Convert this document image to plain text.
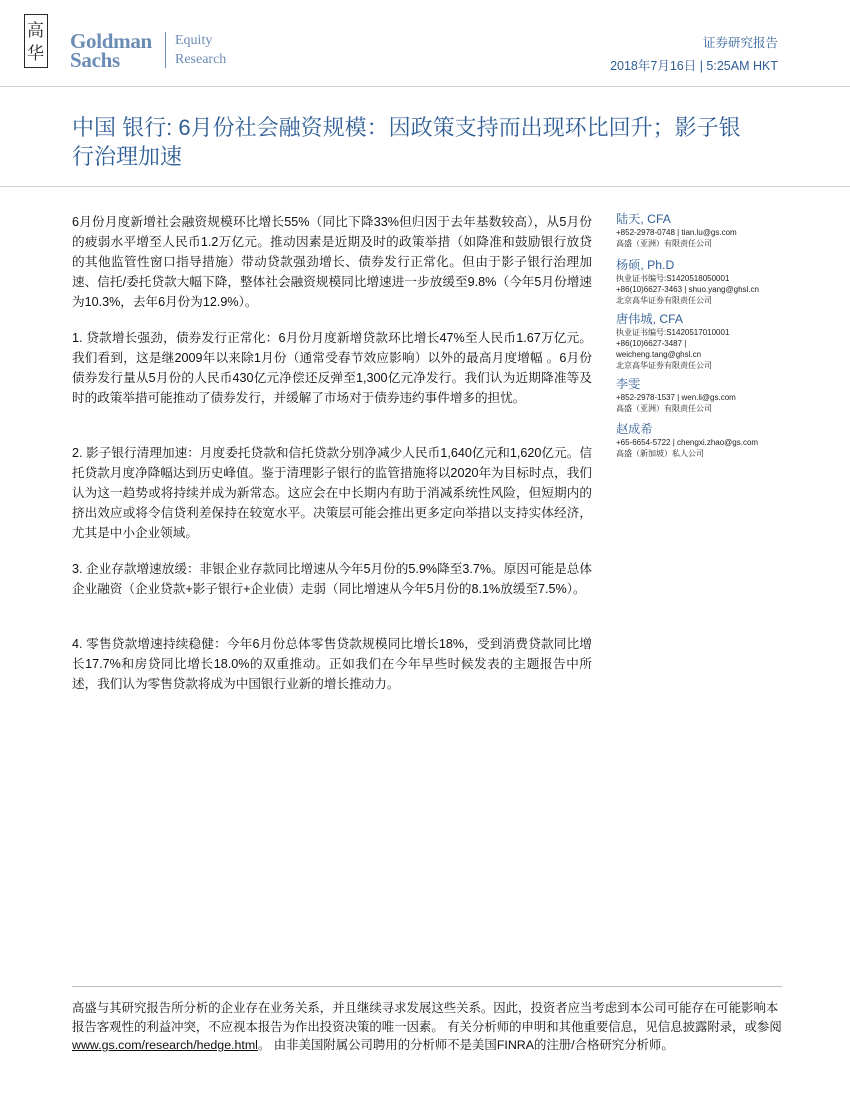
高
华
Goldman
Sachs
Equity
Research
证券研究报告
2018年7月16日 | 5:25AM HKT
中国 银行: 6月份社会融资规模：因政策支持而出现环比回升；影子银行治理加速
6月份月度新增社会融资规模环比增长55%（同比下降33%但归因于去年基数较高），从5月份的疲弱水平增至人民币1.2万亿元。推动因素是近期及时的政策举措（如降准和鼓励银行放贷的其他监管性窗口指导措施）带动贷款强劲增长、债券发行正常化。但由于影子银行治理加速、信托/委托贷款大幅下降，整体社会融资规模同比增速进一步放缓至9.8%（今年5月份增速为10.3%，去年6月份为12.9%）。
1. 贷款增长强劲，债券发行正常化：6月份月度新增贷款环比增长47%至人民币1.67万亿元。我们看到，这是继2009年以来除1月份（通常受春节效应影响）以外的最高月度增幅 。6月份债券发行量从5月份的人民币430亿元净偿还反弹至1,300亿元净发行。我们认为近期降准等及时的政策举措可能推动了债券发行，并缓解了市场对于债券违约事件增多的担忧。
2. 影子银行清理加速：月度委托贷款和信托贷款分别净减少人民币1,640亿元和1,620亿元。信托贷款月度净降幅达到历史峰值。鉴于清理影子银行的监管措施将以2020年为目标时点，我们认为这一趋势或将持续并成为新常态。这应会在中长期内有助于消减系统性风险，但短期内的挤出效应或将令信贷利差保持在较宽水平。决策层可能会推出更多定向举措以支持实体经济，尤其是中小企业领域。
3. 企业存款增速放缓：非银企业存款同比增速从今年5月份的5.9%降至3.7%。原因可能是总体企业融资（企业贷款+影子银行+企业债）走弱（同比增速从今年5月份的8.1%放缓至7.5%）。
4. 零售贷款增速持续稳健：今年6月份总体零售贷款规模同比增长18%，受到消费贷款同比增长17.7%和房贷同比增长18.0%的双重推动。正如我们在今年早些时候发表的主题报告中所述，我们认为零售贷款将成为中国银行业新的增长推动力。
陆天, CFA
+852-2978-0748 | tian.lu@gs.com
高盛（亚洲）有限责任公司
杨硕, Ph.D
执业证书编号:S1420518050001
+86(10)6627-3463 | shuo.yang@ghsl.cn
北京高华证券有限责任公司
唐伟城, CFA
执业证书编号:S1420517010001
+86(10)6627-3487 |
weicheng.tang@ghsl.cn
北京高华证券有限责任公司
李雯
+852-2978-1537 | wen.li@gs.com
高盛（亚洲）有限责任公司
赵成希
+65-6654-5722 | chengxi.zhao@gs.com
高盛（新加坡）私人公司
高盛与其研究报告所分析的企业存在业务关系，并且继续寻求发展这些关系。因此，投资者应当考虑到本公司可能存在可能影响本报告客观性的利益冲突，不应视本报告为作出投资决策的唯一因素。 有关分析师的申明和其他重要信息，见信息披露附录，或参阅www.gs.com/research/hedge.html。 由非美国附属公司聘用的分析师不是美国FINRA的注册/合格研究分析师。
